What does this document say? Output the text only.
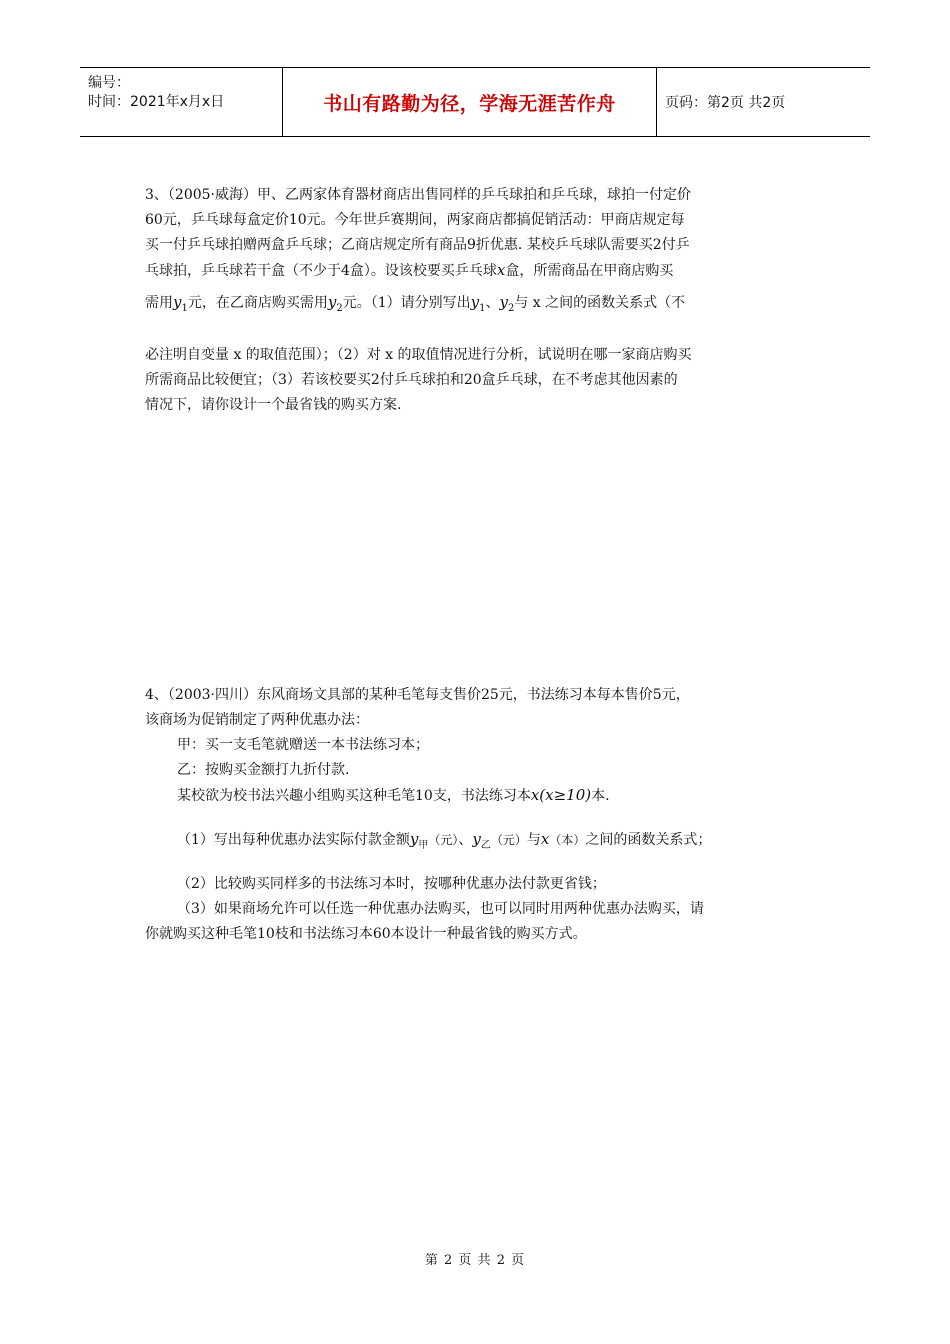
编号：
时间：2021年x月x日	书山有路勤为径，学海无涯苦作舟	页码：第2页 共2页
3、（2005·威海）甲、乙两家体育器材商店出售同样的乒乓球拍和乒乓球，球拍一付定价
60元，乒乓球每盒定价10元。今年世乒赛期间，两家商店都搞促销活动：甲商店规定每
买一付乒乓球拍赠两盒乒乓球；乙商店规定所有商品9折优惠. 某校乒乓球队需要买2付乒
乓球拍，乒乓球若干盒（不少于4盒）。设该校要买乒乓球x盒，所需商品在甲商店购买
需用$y_1$元，在乙商店购买需用$y_2$元。（1）请分别写出$y_1$、$y_2$与 x 之间的函数关系式（不
必注明自变量 x 的取值范围）；（2）对 x 的取值情况进行分析，试说明在哪一家商店购买
所需商品比较便宜；（3）若该校要买2付乒乓球拍和20盒乒乓球，在不考虑其他因素的
情况下，请你设计一个最省钱的购买方案.
4、（2003·四川）东风商场文具部的某种毛笔每支售价25元，书法练习本每本售价5元，
该商场为促销制定了两种优惠办法：
甲：买一支毛笔就赠送一本书法练习本；
乙：按购买金额打九折付款.
某校欲为校书法兴趣小组购买这种毛笔10支，书法练习本x(x≥10)本.
（1）写出每种优惠办法实际付款金额$y_甲$（元）、$y_乙$（元）与x（本）之间的函数关系式；
（2）比较购买同样多的书法练习本时，按哪种优惠办法付款更省钱；
（3）如果商场允许可以任选一种优惠办法购买，也可以同时用两种优惠办法购买，请
你就购买这种毛笔10枝和书法练习本60本设计一种最省钱的购买方式。
第 2 页 共 2 页
